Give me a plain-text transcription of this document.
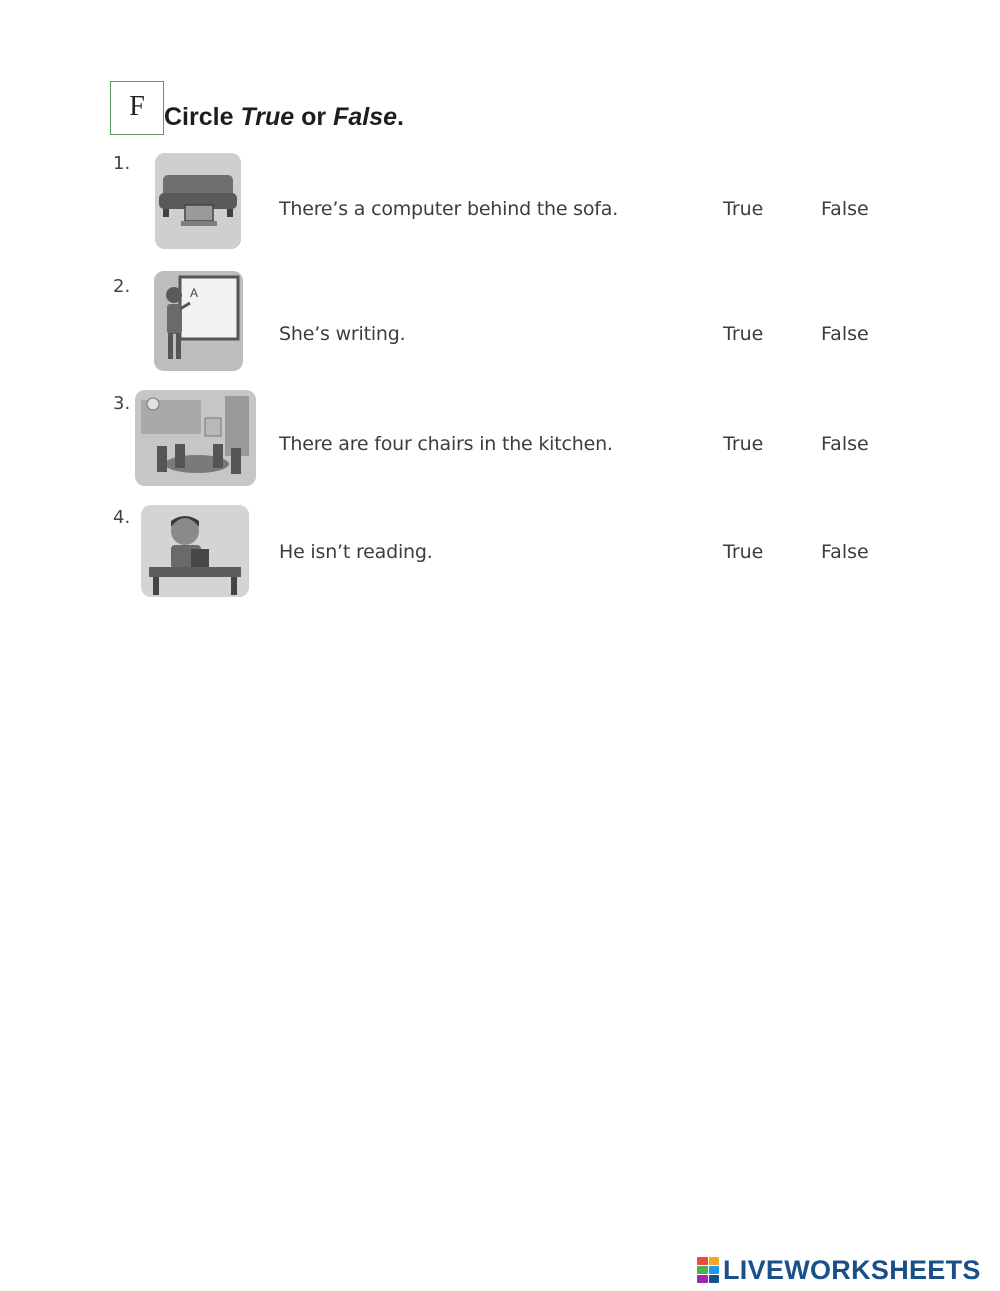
F Circle True or False.
1.
There’s a computer behind the sofa.	True	False
2.	A
She’s writing.	True	False
3.
There are four chairs in the kitchen.	True	False
4.
He isn’t reading.	True	False
LIVEWORKSHEETS
